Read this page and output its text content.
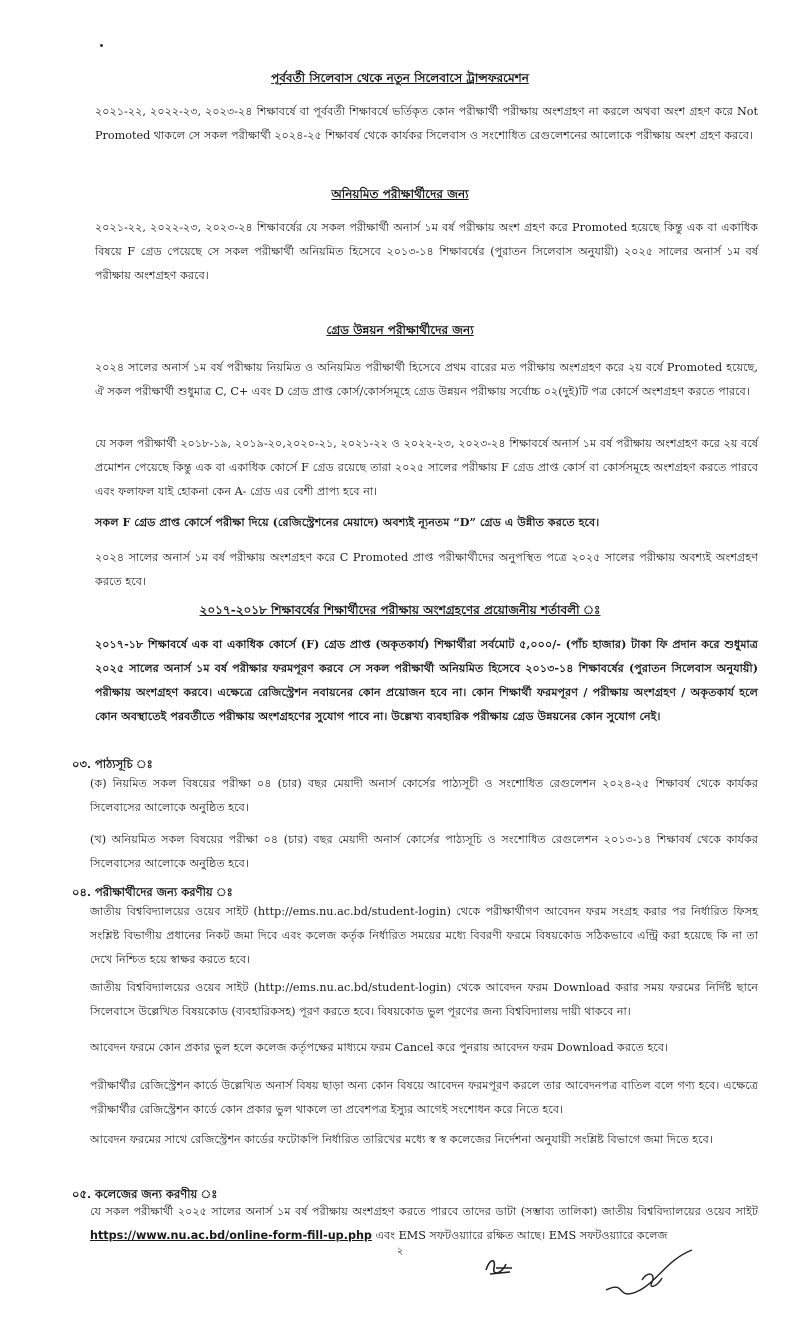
পূর্ববর্তী সিলেবাস থেকে নতুন সিলেবাসে ট্রান্সফরমেশন

২০২১-২২, ২০২২-২৩, ২০২৩-২৪ শিক্ষাবর্ষে বা পূর্ববর্তী শিক্ষাবর্ষে ভর্তিকৃত কোন পরীক্ষার্থী পরীক্ষায় অংশগ্রহণ না করলে অথবা অংশ গ্রহণ করে Not Promoted থাকলে সে সকল পরীক্ষার্থী ২০২৪-২৫ শিক্ষাবর্ষ থেকে কার্যকর সিলেবাস ও সংশোধিত রেগুলেশনের আলোকে পরীক্ষায় অংশ গ্রহণ করবে।

অনিয়মিত পরীক্ষার্থীদের জন্য

২০২১-২২, ২০২২-২৩, ২০২৩-২৪ শিক্ষাবর্ষের যে সকল পরীক্ষার্থী অনার্স ১ম বর্ষ পরীক্ষায় অংশ গ্রহণ করে Promoted হয়েছে কিন্তু এক বা একাধিক বিষয়ে F গ্রেড পেয়েছে সে সকল পরীক্ষার্থী অনিয়মিত হিসেবে ২০১৩-১৪ শিক্ষাবর্ষের (পুরাতন সিলেবাস অনুযায়ী) ২০২৫ সালের অনার্স ১ম বর্ষ পরীক্ষায় অংশগ্রহণ করবে।

গ্রেড উন্নয়ন পরীক্ষার্থীদের জন্য

২০২৪ সালের অনার্স ১ম বর্ষ পরীক্ষায় নিয়মিত ও অনিয়মিত পরীক্ষার্থী হিসেবে প্রথম বারের মত পরীক্ষায় অংশগ্রহণ করে ২য় বর্ষে Promoted হয়েছে, ঐ সকল পরীক্ষার্থী শুধুমাত্র C, C+ এবং D গ্রেড প্রাপ্ত কোর্স/কোর্সসমূহে গ্রেড উন্নয়ন পরীক্ষায় সর্বোচ্চ ০২(দুই)টি পত্র কোর্সে অংশগ্রহণ করতে পারবে।

যে সকল পরীক্ষার্থী ২০১৮-১৯, ২০১৯-২০,২০২০-২১, ২০২১-২২ ও ২০২২-২৩, ২০২৩-২৪ শিক্ষাবর্ষে অনার্স ১ম বর্ষ পরীক্ষায় অংশগ্রহণ করে ২য় বর্ষে প্রমোশন পেয়েছে কিন্তু এক বা একাধিক কোর্সে F গ্রেড রয়েছে তারা ২০২৫ সালের পরীক্ষায় F গ্রেড প্রাপ্ত কোর্স বা কোর্সসমূহে অংশগ্রহণ করতে পারবে এবং ফলাফল যাই হোকনা কেন A- গ্রেড এর বেশী প্রাপ্য হবে না।

সকল F গ্রেড প্রাপ্ত কোর্সে পরীক্ষা দিয়ে (রেজিস্ট্রেশনের মেয়াদে) অবশ্যই ন্যূনতম “D” গ্রেড এ উন্নীত করতে হবে।

২০২৪ সালের অনার্স ১ম বর্ষ পরীক্ষায় অংশগ্রহণ করে C Promoted প্রাপ্ত পরীক্ষার্থীদের অনুপস্থিত পত্রে ২০২৫ সালের পরীক্ষায় অবশ্যই অংশগ্রহণ করতে হবে।

২০১৭-২০১৮ শিক্ষাবর্ষের শিক্ষার্থীদের পরীক্ষায় অংশগ্রহণের প্রয়োজনীয় শর্তাবলী ঃ

২০১৭-১৮ শিক্ষাবর্ষে এক বা একাধিক কোর্সে (F) গ্রেড প্রাপ্ত (অকৃতকার্য) শিক্ষার্থীরা সর্বমোট ৫,০০০/- (পাঁচ হাজার) টাকা ফি প্রদান করে শুধুমাত্র ২০২৫ সালের অনার্স ১ম বর্ষ পরীক্ষার ফরমপূরণ করবে সে সকল পরীক্ষার্থী অনিয়মিত হিসেবে ২০১৩-১৪ শিক্ষাবর্ষের (পুরাতন সিলেবাস অনুযায়ী) পরীক্ষায় অংশগ্রহণ করবে। এক্ষেত্রে রেজিস্ট্রেশন নবায়নের কোন প্রয়োজন হবে না। কোন শিক্ষার্থী ফরমপূরণ / পরীক্ষায় অংশগ্রহণ / অকৃতকার্য হলে কোন অবস্থাতেই পরবর্তীতে পরীক্ষায় অংশগ্রহণের সুযোগ পাবে না। উল্লেখ্য ব্যবহারিক পরীক্ষায় গ্রেড উন্নয়নের কোন সুযোগ নেই।

০৩. পাঠ্যসূচি ঃ

(ক) নিয়মিত সকল বিষয়ের পরীক্ষা ০৪ (চার) বছর মেয়াদী অনার্স কোর্সের পাঠ্যসূচী ও সংশোধিত রেগুলেশন ২০২৪-২৫ শিক্ষাবর্ষ থেকে কার্যকর সিলেবাসের আলোকে অনুষ্ঠিত হবে।

(খ) অনিয়মিত সকল বিষয়ের পরীক্ষা ০৪ (চার) বছর মেয়াদী অনার্স কোর্সের পাঠ্যসূচি ও সংশোধিত রেগুলেশন ২০১৩-১৪ শিক্ষাবর্ষ থেকে কার্যকর সিলেবাসের আলোকে অনুষ্ঠিত হবে।

০৪. পরীক্ষার্থীদের জন্য করণীয় ঃ

জাতীয় বিশ্ববিদ্যালয়ের ওয়েব সাইট (http://ems.nu.ac.bd/student-login) থেকে পরীক্ষার্থীগণ আবেদন ফরম সংগ্রহ করার পর নির্ধারিত ফিসহ সংশ্লিষ্ট বিভাগীয় প্রধানের নিকট জমা দিবে এবং কলেজ কর্তৃক নির্ধারিত সময়ের মধ্যে বিবরণী ফরমে বিষয়কোড সঠিকভাবে এন্ট্রি করা হয়েছে কি না তা দেখে নিশ্চিত হয়ে স্বাক্ষর করতে হবে।

জাতীয় বিশ্ববিদ্যালয়ের ওয়েব সাইট (http://ems.nu.ac.bd/student-login) থেকে আবেদন ফরম Download করার সময় ফরমের নির্দিষ্ট ছানে সিলেবাসে উল্লেখিত বিষয়কোড (ব্যবহারিকসহ) পূরণ করতে হবে। বিষয়কোড ভুল পূরণের জন্য বিশ্ববিদ্যালয় দায়ী থাকবে না।

আবেদন ফরমে কোন প্রকার ভুল হলে কলেজ কর্তৃপক্ষের মাধ্যমে ফরম Cancel করে পুনরায় আবেদন ফরম Download করতে হবে।

পরীক্ষার্থীর রেজিস্ট্রেশন কার্ডে উল্লেখিত অনার্স বিষয় ছাড়া অন্য কোন বিষয়ে আবেদন ফরমপূরণ করলে তার আবেদনপত্র বাতিল বলে গণ্য হবে। এক্ষেত্রে পরীক্ষার্থীর রেজিস্ট্রেশন কার্ডে কোন প্রকার ভুল থাকলে তা প্রবেশপত্র ইস্যুর আগেই সংশোধন করে নিতে হবে।

আবেদন ফরমের সাথে রেজিস্ট্রেশন কার্ডের ফটোকপি নির্ধারিত তারিখের মধ্যে স্ব স্ব কলেজের নির্দেশনা অনুযায়ী সংশ্লিষ্ট বিভাগে জমা দিতে হবে।

০৫. কলেজের জন্য করণীয় ঃ

যে সকল পরীক্ষার্থী ২০২৫ সালের অনার্স ১ম বর্ষ পরীক্ষায় অংশগ্রহণ করতে পারবে তাদের ডাটা (সম্ভাব্য তালিকা) জাতীয় বিশ্ববিদ্যালয়ের ওয়েব সাইট https://www.nu.ac.bd/online-form-fill-up.php এবং EMS সফটওয়্যারে রক্ষিত আছে। EMS সফটওয়্যারে কলেজ

২
